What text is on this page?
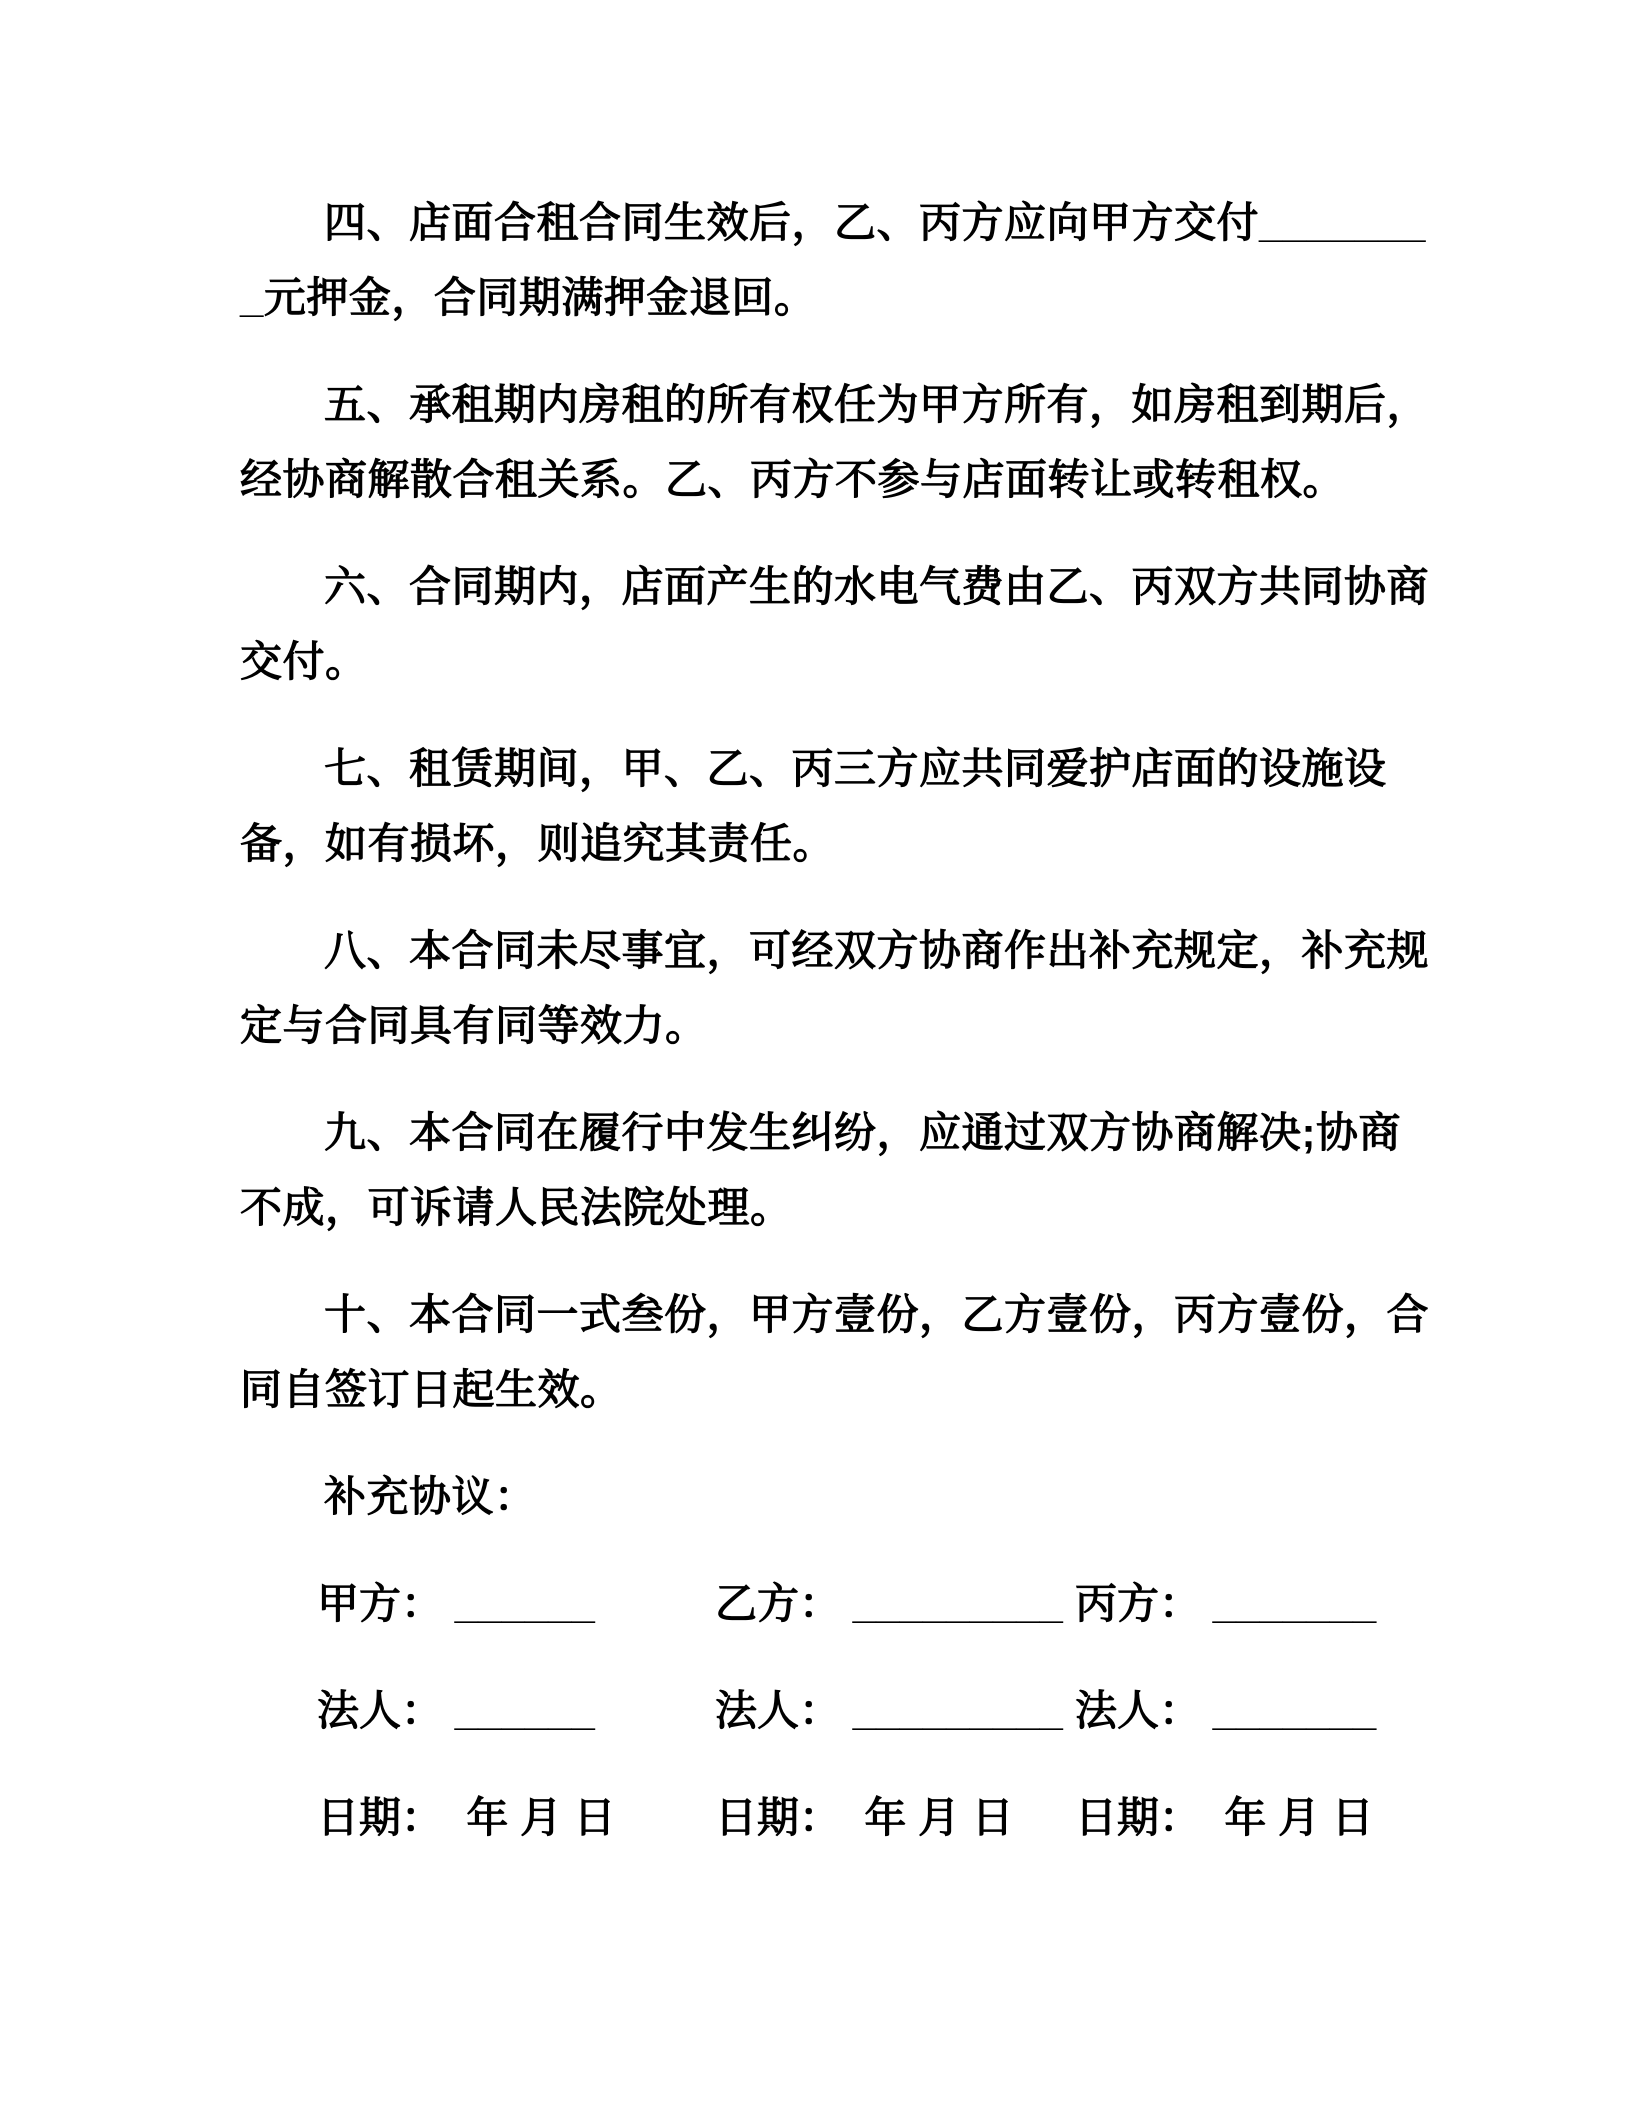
四、店面合租合同生效后，乙、丙方应向甲方交付________元押金，合同期满押金退回。

五、承租期内房租的所有权任为甲方所有，如房租到期后，经协商解散合租关系。乙、丙方不参与店面转让或转租权。

六、合同期内，店面产生的水电气费由乙、丙双方共同协商交付。

七、租赁期间，甲、乙、丙三方应共同爱护店面的设施设备，如有损坏，则追究其责任。

八、本合同未尽事宜，可经双方协商作出补充规定，补充规定与合同具有同等效力。

九、本合同在履行中发生纠纷，应通过双方协商解决;协商不成，可诉请人民法院处理。

十、本合同一式叁份，甲方壹份，乙方壹份，丙方壹份，合同自签订日起生效。

补充协议：

甲方： ______	乙方： _________ 丙方： _______
法人： ______	法人： _________ 法人： _______
日期：  年 月 日	日期：  年 月 日	日期：  年 月 日
